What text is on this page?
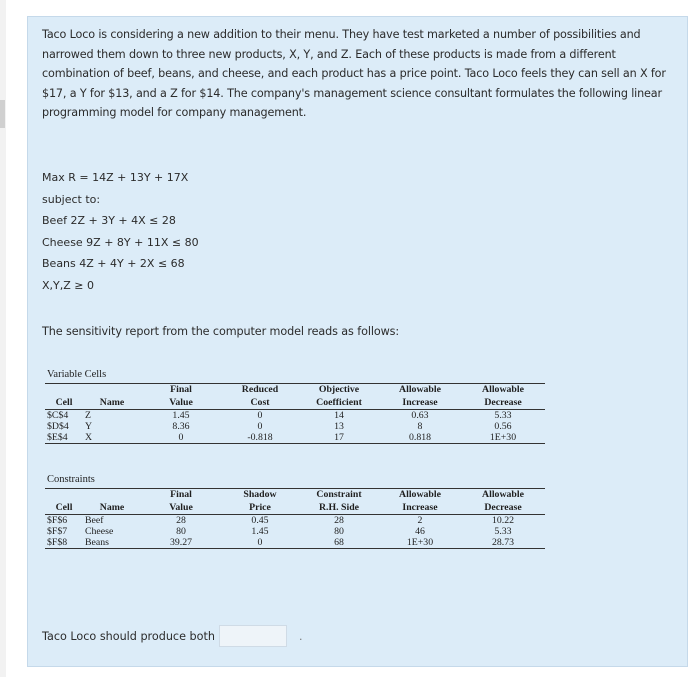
Taco Loco is considering a new addition to their menu. They have test marketed a number of possibilities and narrowed them down to three new products, X, Y, and Z. Each of these products is made from a different combination of beef, beans, and cheese, and each product has a price point. Taco Loco feels they can sell an X for $17, a Y for $13, and a Z for $14. The company's management science consultant formulates the following linear programming model for company management.
Max R = 14Z + 13Y + 17X
subject to:
Beef 2Z + 3Y + 4X ≤ 28
Cheese 9Z + 8Y + 11X ≤ 80
Beans 4Z + 4Y + 2X ≤ 68
X,Y,Z ≥ 0
The sensitivity report from the computer model reads as follows:
Variable Cells
		Final	Reduced	Objective	Allowable	Allowable
Cell	Name	Value	Cost	Coefficient	Increase	Decrease
$C$4	Z	1.45	0	14	0.63	5.33
$D$4	Y	8.36	0	13	8	0.56
$E$4	X	0	-0.818	17	0.818	1E+30
Constraints
		Final	Shadow	Constraint	Allowable	Allowable
Cell	Name	Value	Price	R.H. Side	Increase	Decrease
$F$6	Beef	28	0.45	28	2	10.22
$F$7	Cheese	80	1.45	80	46	5.33
$F$8	Beans	39.27	0	68	1E+30	28.73
Taco Loco should produce both	.
